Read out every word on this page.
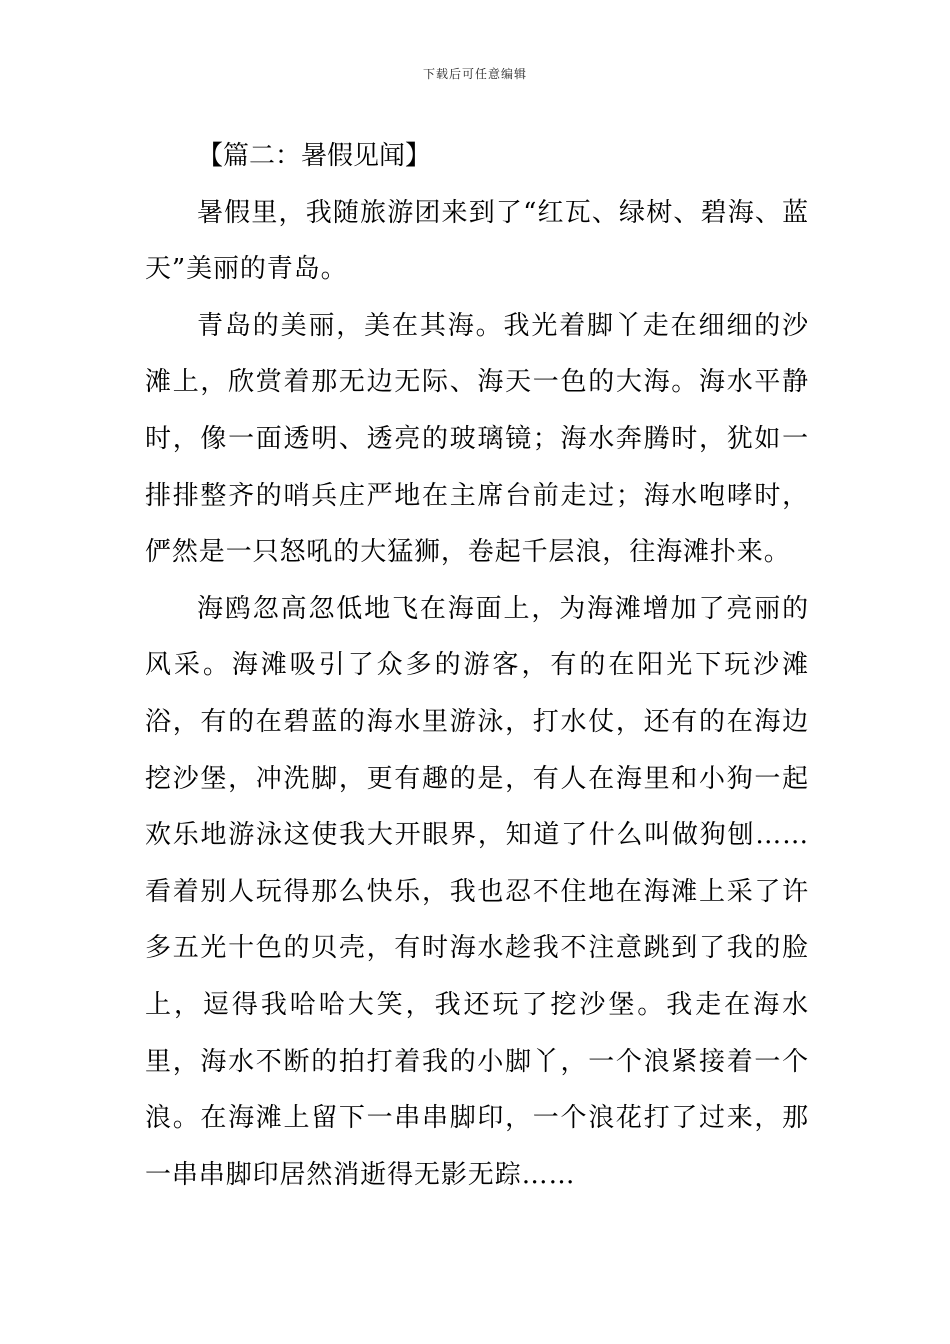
下载后可任意编辑

【篇二：暑假见闻】

暑假里，我随旅游团来到了“红瓦、绿树、碧海、蓝天”美丽的青岛。

青岛的美丽，美在其海。我光着脚丫走在细细的沙滩上，欣赏着那无边无际、海天一色的大海。海水平静时，像一面透明、透亮的玻璃镜；海水奔腾时，犹如一排排整齐的哨兵庄严地在主席台前走过；海水咆哮时，俨然是一只怒吼的大猛狮，卷起千层浪，往海滩扑来。

海鸥忽高忽低地飞在海面上，为海滩增加了亮丽的风采。海滩吸引了众多的游客，有的在阳光下玩沙滩浴，有的在碧蓝的海水里游泳，打水仗，还有的在海边挖沙堡，冲洗脚，更有趣的是，有人在海里和小狗一起欢乐地游泳这使我大开眼界，知道了什么叫做狗刨……看着别人玩得那么快乐，我也忍不住地在海滩上采了许多五光十色的贝壳，有时海水趁我不注意跳到了我的脸上，逗得我哈哈大笑，我还玩了挖沙堡。我走在海水里，海水不断的拍打着我的小脚丫，一个浪紧接着一个浪。在海滩上留下一串串脚印，一个浪花打了过来，那一串串脚印居然消逝得无影无踪……
